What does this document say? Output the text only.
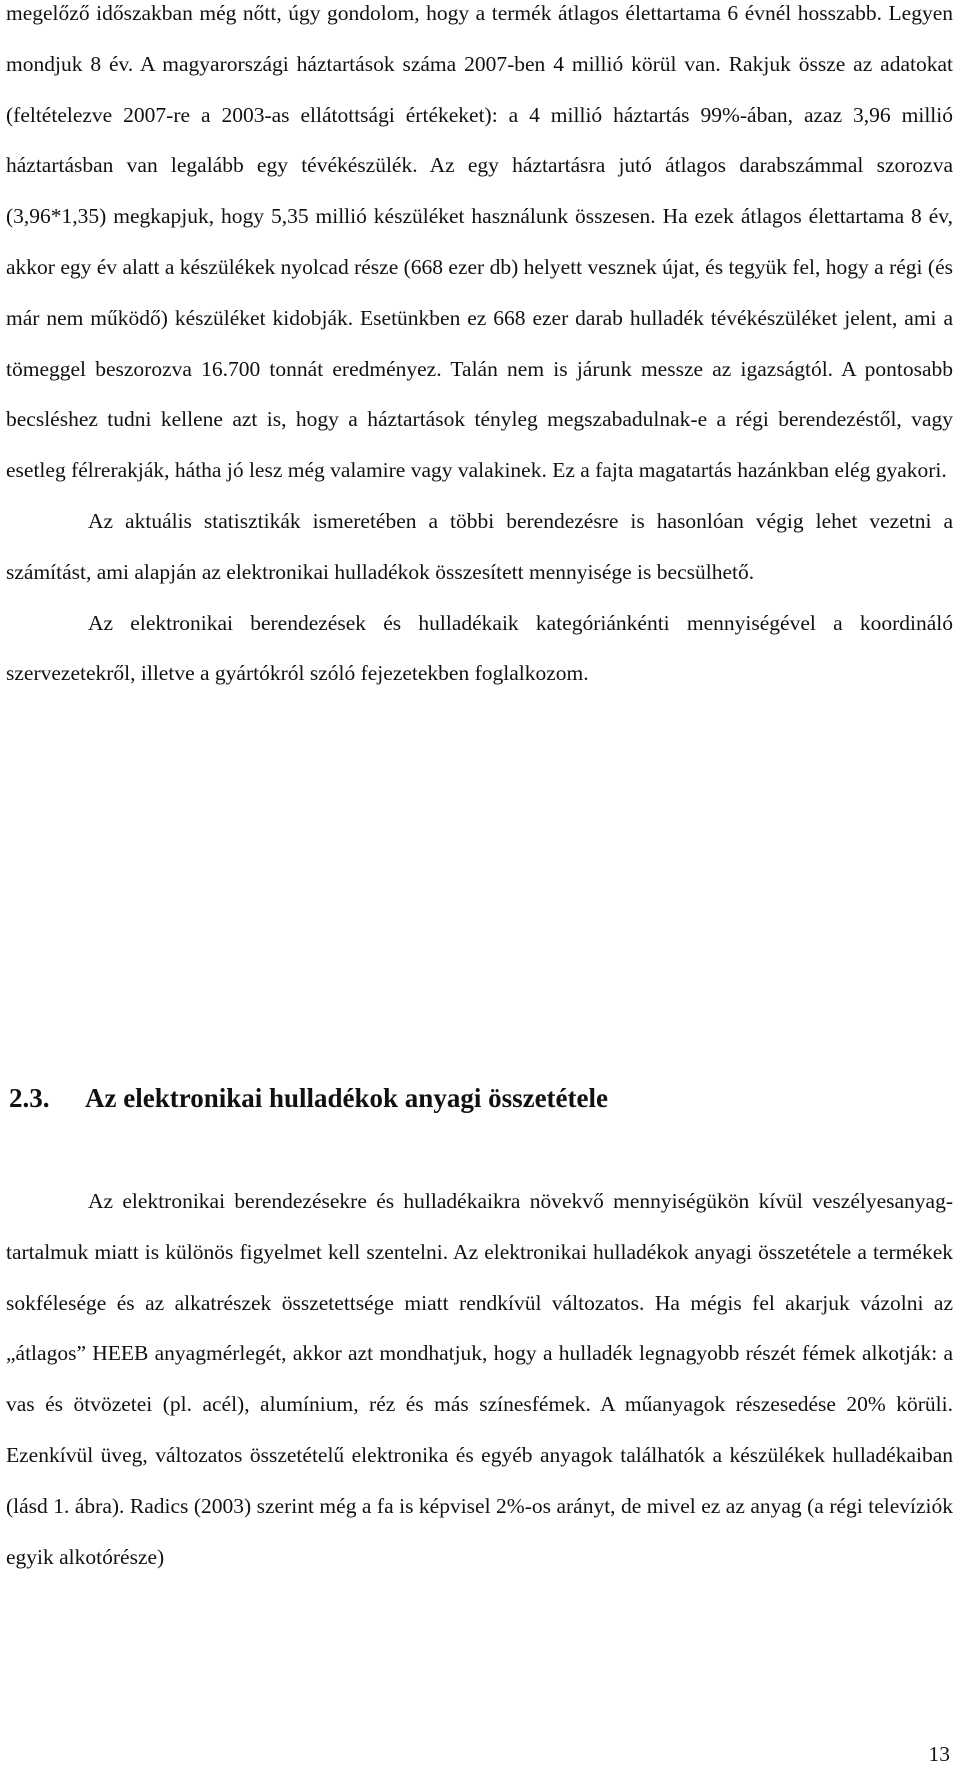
megelőző időszakban még nőtt, úgy gondolom, hogy a termék átlagos élettartama 6 évnél hosszabb. Legyen mondjuk 8 év. A magyarországi háztartások száma 2007-ben 4 millió körül van. Rakjuk össze az adatokat (feltételezve 2007-re a 2003-as ellátottsági értékeket): a 4 millió háztartás 99%-ában, azaz 3,96 millió háztartásban van legalább egy tévékészülék. Az egy háztartásra jutó átlagos darabszámmal szorozva (3,96*1,35) megkapjuk, hogy 5,35 millió készüléket használunk összesen. Ha ezek átlagos élettartama 8 év, akkor egy év alatt a készülékek nyolcad része (668 ezer db) helyett vesznek újat, és tegyük fel, hogy a régi (és már nem működő) készüléket kidobják. Esetünkben ez 668 ezer darab hulladék tévékészüléket jelent, ami a tömeggel beszorozva 16.700 tonnát eredményez. Talán nem is járunk messze az igazságtól. A pontosabb becsléshez tudni kellene azt is, hogy a háztartások tényleg megszabadulnak-e a régi berendezéstől, vagy esetleg félrerakják, hátha jó lesz még valamire vagy valakinek. Ez a fajta magatartás hazánkban elég gyakori.

Az aktuális statisztikák ismeretében a többi berendezésre is hasonlóan végig lehet vezetni a számítást, ami alapján az elektronikai hulladékok összesített mennyisége is becsülhető.

Az elektronikai berendezések és hulladékaik kategóriánkénti mennyiségével a koordináló szervezetekről, illetve a gyártókról szóló fejezetekben foglalkozom.

2.3. Az elektronikai hulladékok anyagi összetétele

Az elektronikai berendezésekre és hulladékaikra növekvő mennyiségükön kívül veszélyesanyag-tartalmuk miatt is különös figyelmet kell szentelni. Az elektronikai hulladékok anyagi összetétele a termékek sokfélesége és az alkatrészek összetettsége miatt rendkívül változatos. Ha mégis fel akarjuk vázolni az „átlagos” HEEB anyagmérlegét, akkor azt mondhatjuk, hogy a hulladék legnagyobb részét fémek alkotják: a vas és ötvözetei (pl. acél), alumínium, réz és más színesfémek. A műanyagok részesedése 20% körüli. Ezenkívül üveg, változatos összetételű elektronika és egyéb anyagok találhatók a készülékek hulladékaiban (lásd 1. ábra). Radics (2003) szerint még a fa is képvisel 2%-os arányt, de mivel ez az anyag (a régi televíziók egyik alkotórésze)

13
